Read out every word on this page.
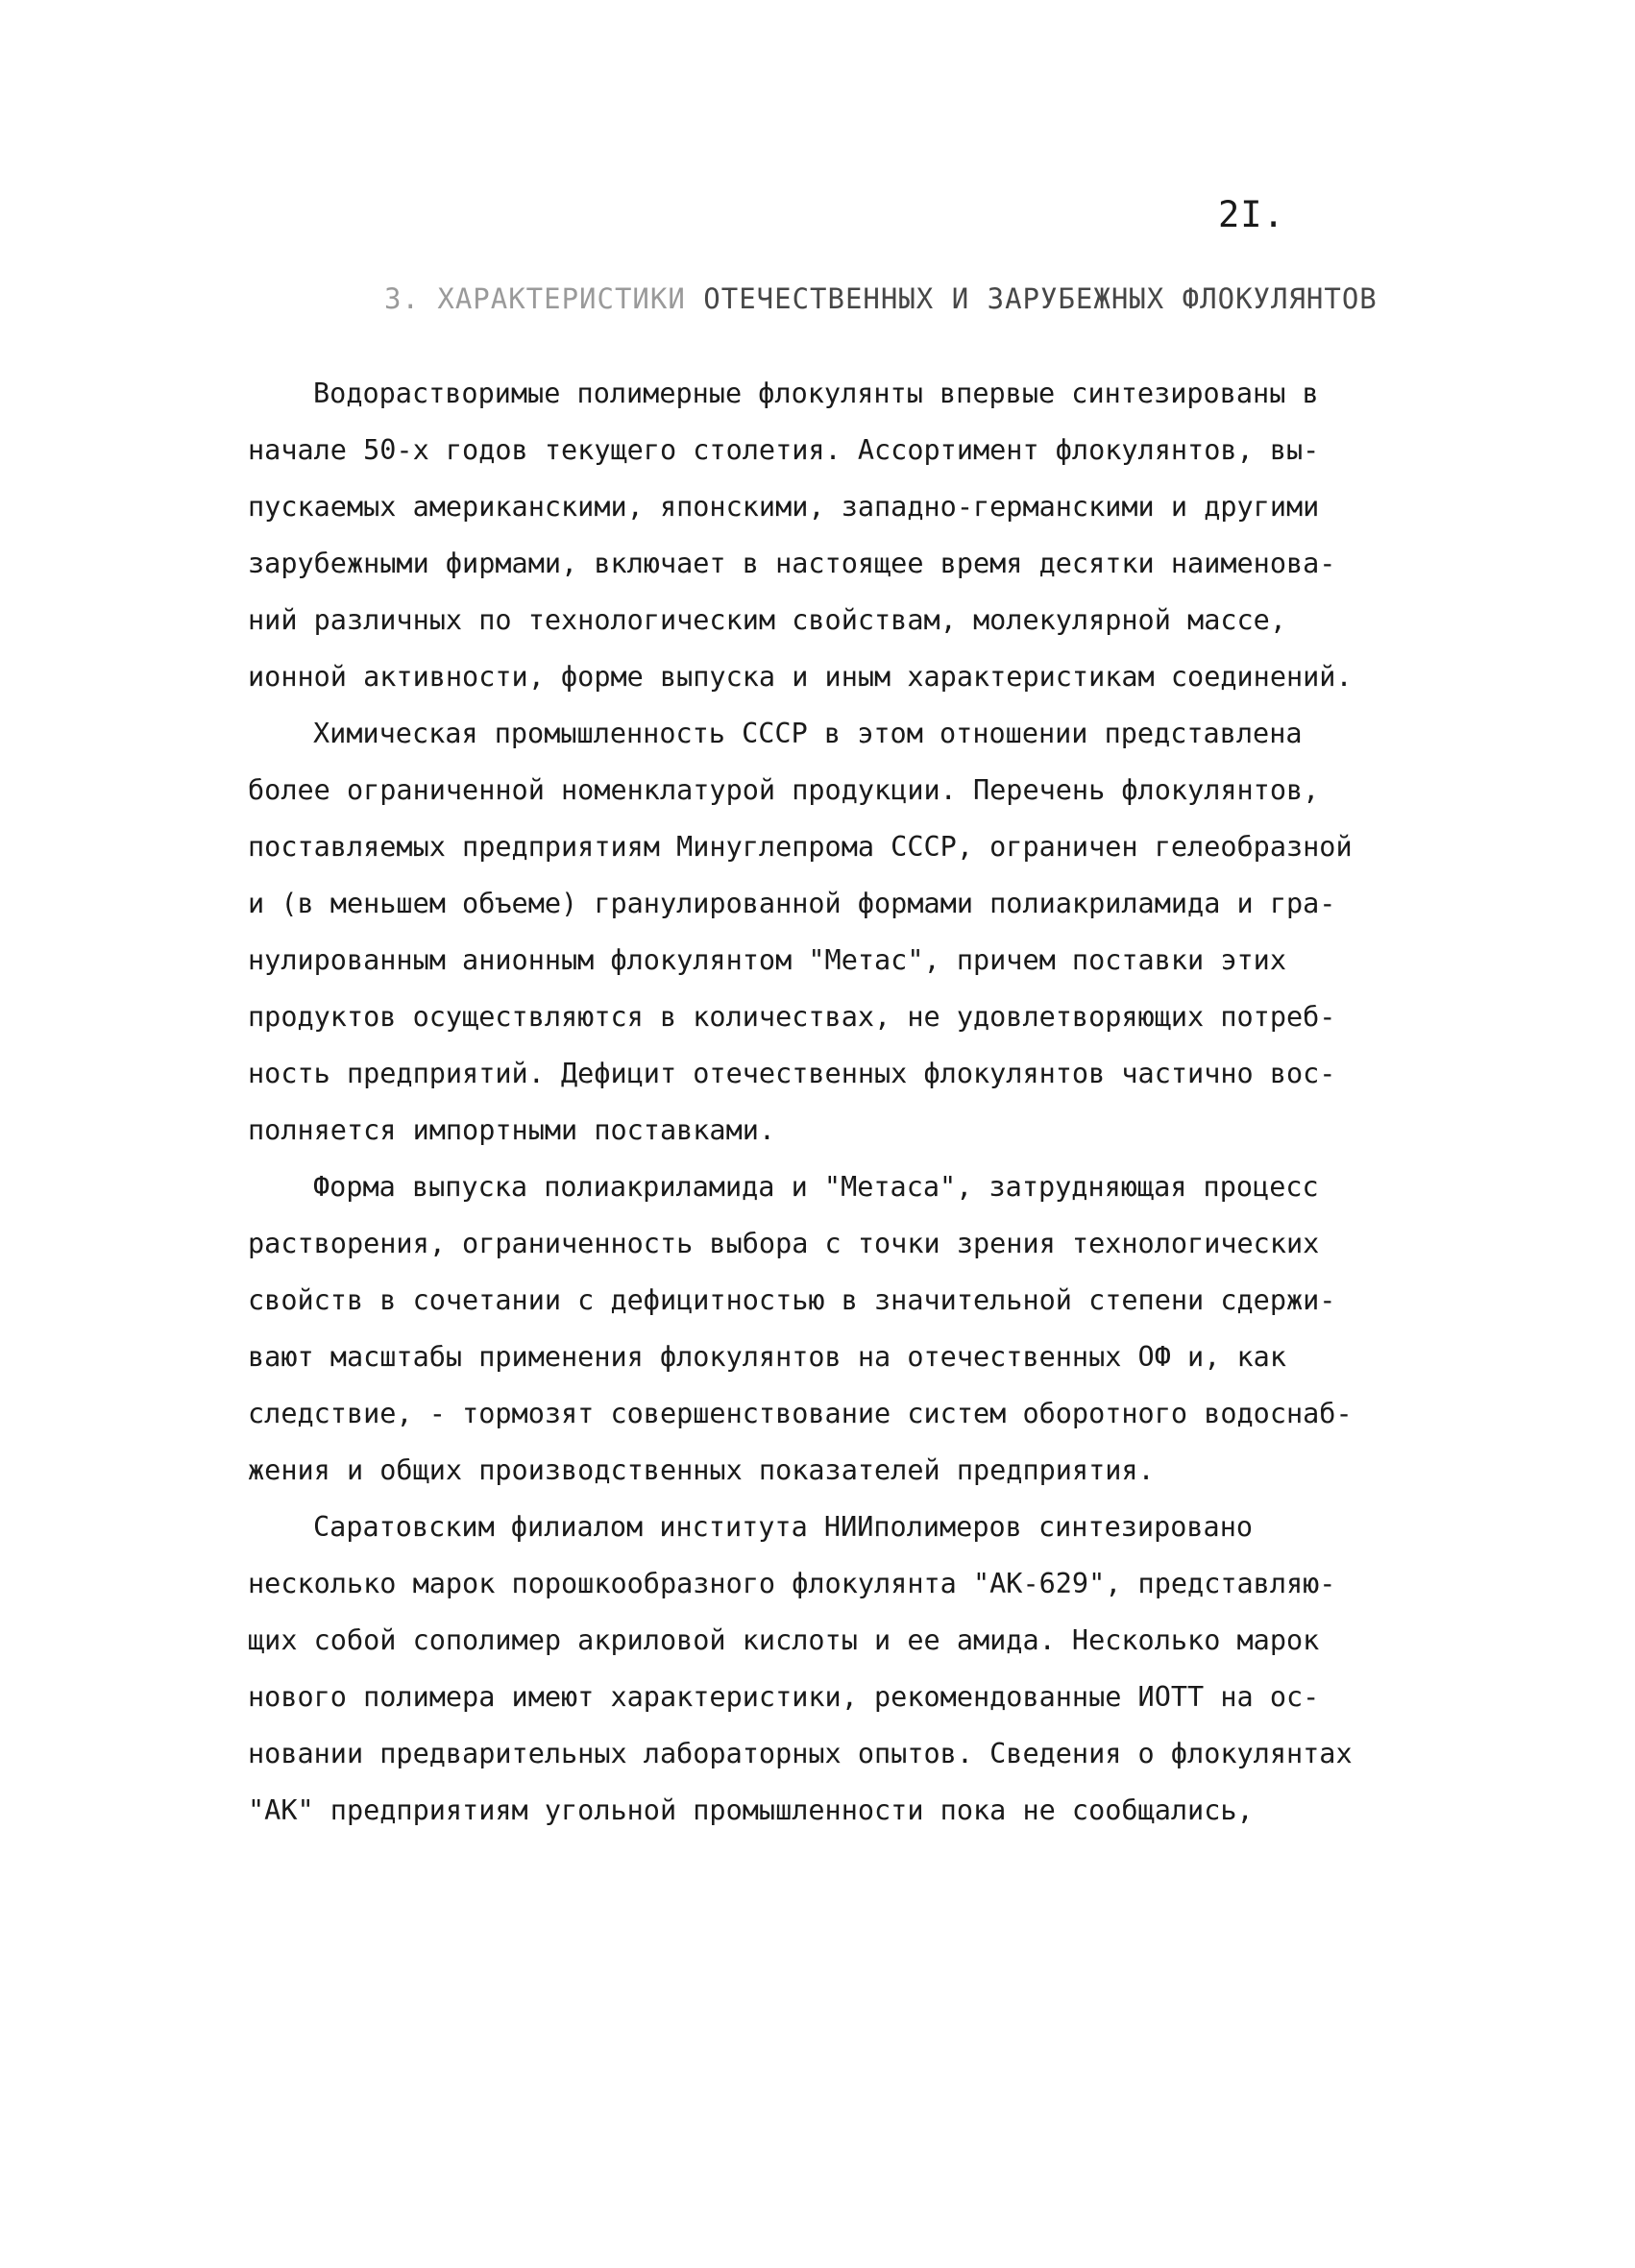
2I.
3. ХАРАКТЕРИСТИКИ ОТЕЧЕСТВЕННЫХ И ЗАРУБЕЖНЫХ ФЛОКУЛЯНТОВ
Водорастворимые полимерные флокулянты впервые синтезированы в
начале 50-х годов текущего столетия. Ассортимент флокулянтов, вы-
пускаемых американскими, японскими, западно-германскими и другими
зарубежными фирмами, включает в настоящее время десятки наименова-
ний различных по технологическим свойствам, молекулярной массе,
ионной активности, форме выпуска и иным характеристикам соединений.
Химическая промышленность СССР в этом отношении представлена
более ограниченной номенклатурой продукции. Перечень флокулянтов,
поставляемых предприятиям Минуглепрома СССР, ограничен гелеобразной
и (в меньшем объеме) гранулированной формами полиакриламида и гра-
нулированным анионным флокулянтом "Метас", причем поставки этих
продуктов осуществляются в количествах, не удовлетворяющих потреб-
ность предприятий. Дефицит отечественных флокулянтов частично вос-
полняется импортными поставками.
Форма выпуска полиакриламида и "Метаса", затрудняющая процесс
растворения, ограниченность выбора с точки зрения технологических
свойств в сочетании с дефицитностью в значительной степени сдержи-
вают масштабы применения флокулянтов на отечественных ОФ и, как
следствие, - тормозят совершенствование систем оборотного водоснаб-
жения и общих производственных показателей предприятия.
Саратовским филиалом института НИИполимеров синтезировано
несколько марок порошкообразного флокулянта "АК-629", представляю-
щих собой сополимер акриловой кислоты и ее амида. Несколько марок
нового полимера имеют характеристики, рекомендованные ИОТТ на ос-
новании предварительных лабораторных опытов. Сведения о флокулянтах
"АК" предприятиям угольной промышленности пока не сообщались,
